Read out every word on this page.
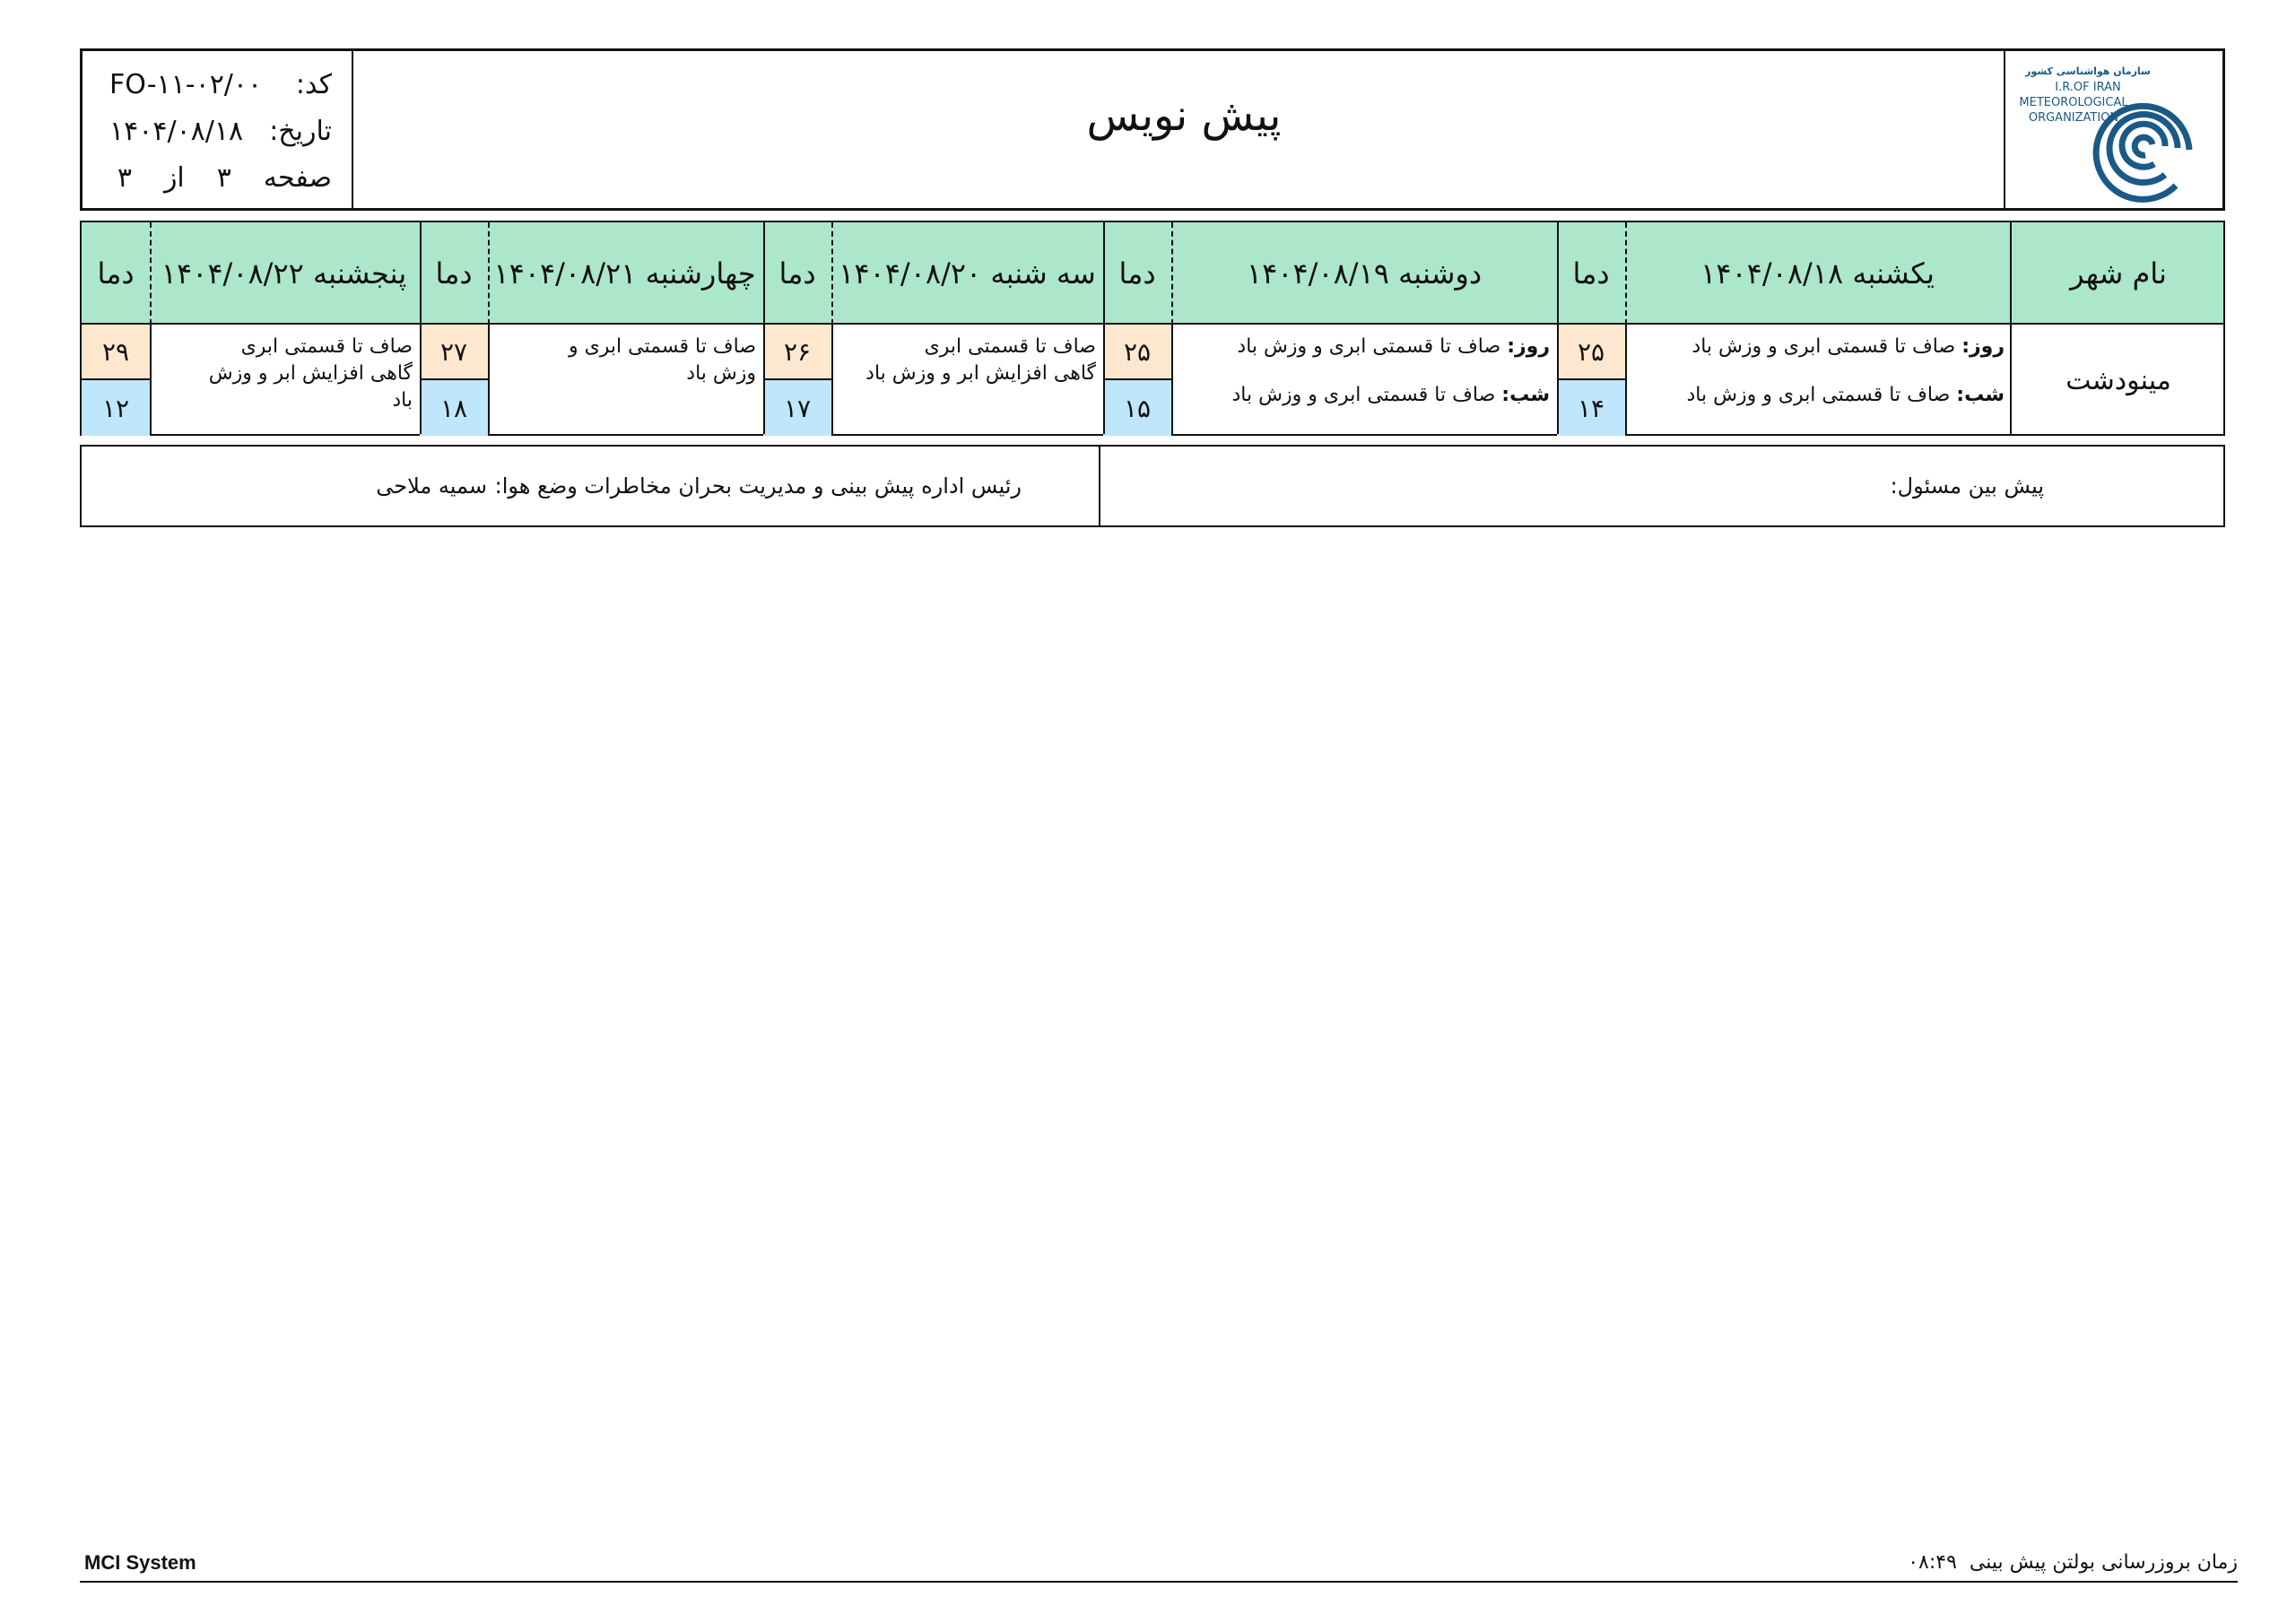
کد:
FO-۱۱-۰۲/۰۰
تاریخ:
۱۴۰۴/۰۸/۱۸
صفحه
۳
از
۳
پیش نویس
سازمان هواشناسی کشور
I.R.OF IRAN
METEOROLOGICAL
ORGANIZATION
نام شهر
یکشنبه ۱۴۰۴/۰۸/۱۸
دما
دوشنبه ۱۴۰۴/۰۸/۱۹
دما
سه شنبه ۱۴۰۴/۰۸/۲۰
دما
چهارشنبه ۱۴۰۴/۰۸/۲۱
دما
پنجشنبه ۱۴۰۴/۰۸/۲۲
دما
مینودشت
روز: صاف تا قسمتی ابری و وزش باد
شب: صاف تا قسمتی ابری و وزش باد
۲۵
۱۴
روز: صاف تا قسمتی ابری و وزش باد
شب: صاف تا قسمتی ابری و وزش باد
۲۵
۱۵
صاف تا قسمتی ابری
گاهی افزایش ابر و وزش باد
۲۶
۱۷
صاف تا قسمتی ابری و
وزش باد
۲۷
۱۸
صاف تا قسمتی ابری
گاهی افزایش ابر و وزش
باد
۲۹
۱۲
رئیس اداره پیش بینی و مدیریت بحران مخاطرات وضع هوا:
سمیه ملاحی	پیش بین مسئول:
MCI System	زمان بروزرسانی بولتن پیش بینی  ۰۸:۴۹
